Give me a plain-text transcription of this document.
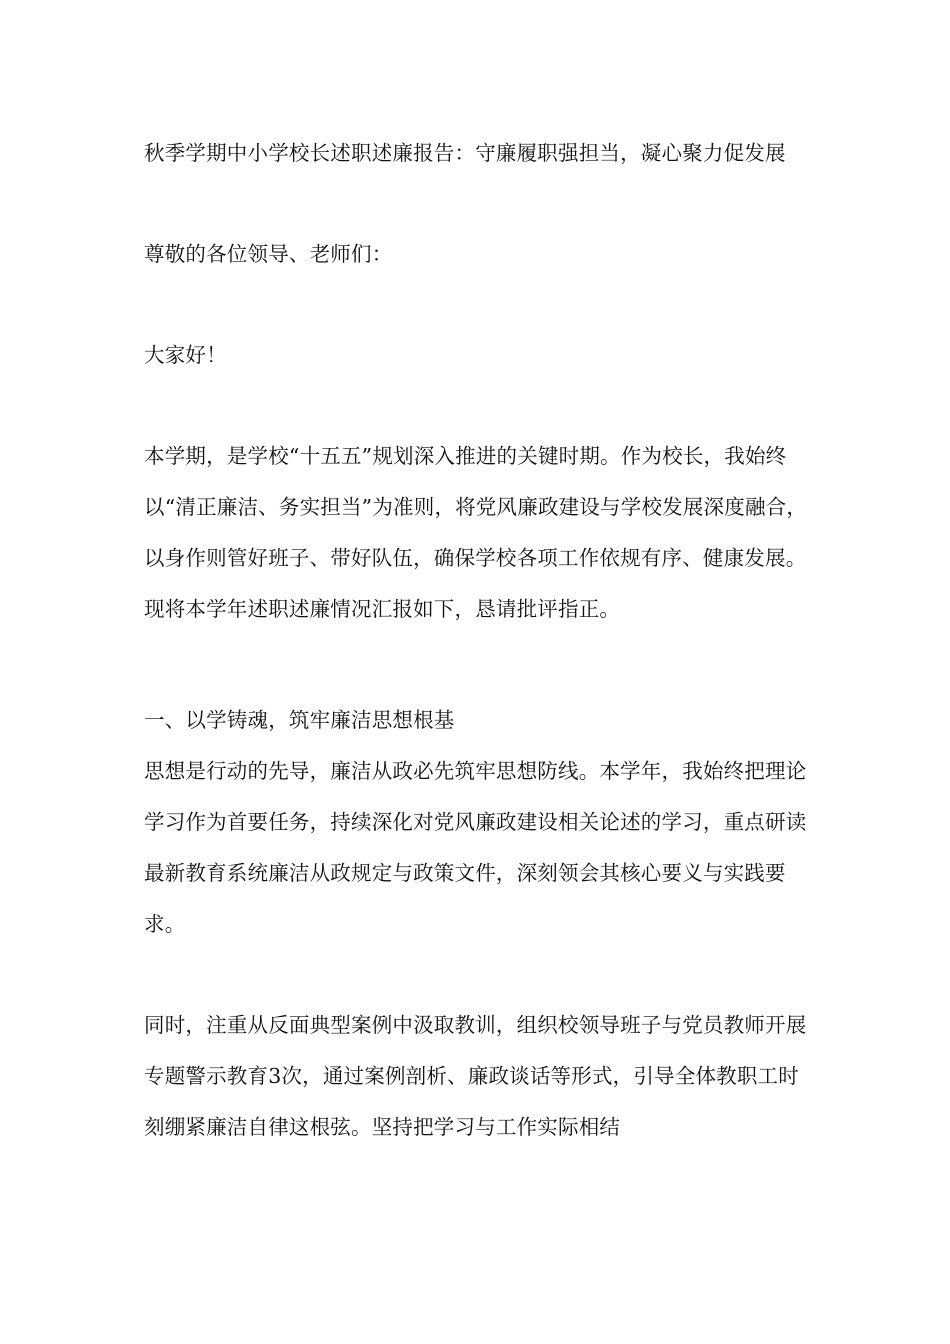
秋季学期中小学校长述职述廉报告：守廉履职强担当，凝心聚力促发展

尊敬的各位领导、老师们：

大家好！

本学期，是学校“十五五”规划深入推进的关键时期。作为校长，我始终以“清正廉洁、务实担当”为准则，将党风廉政建设与学校发展深度融合，以身作则管好班子、带好队伍，确保学校各项工作依规有序、健康发展。现将本学年述职述廉情况汇报如下，恳请批评指正。

一、以学铸魂，筑牢廉洁思想根基

思想是行动的先导，廉洁从政必先筑牢思想防线。本学年，我始终把理论学习作为首要任务，持续深化对党风廉政建设相关论述的学习，重点研读最新教育系统廉洁从政规定与政策文件，深刻领会其核心要义与实践要求。

同时，注重从反面典型案例中汲取教训，组织校领导班子与党员教师开展专题警示教育3次，通过案例剖析、廉政谈话等形式，引导全体教职工时刻绷紧廉洁自律这根弦。坚持把学习与工作实际相结
